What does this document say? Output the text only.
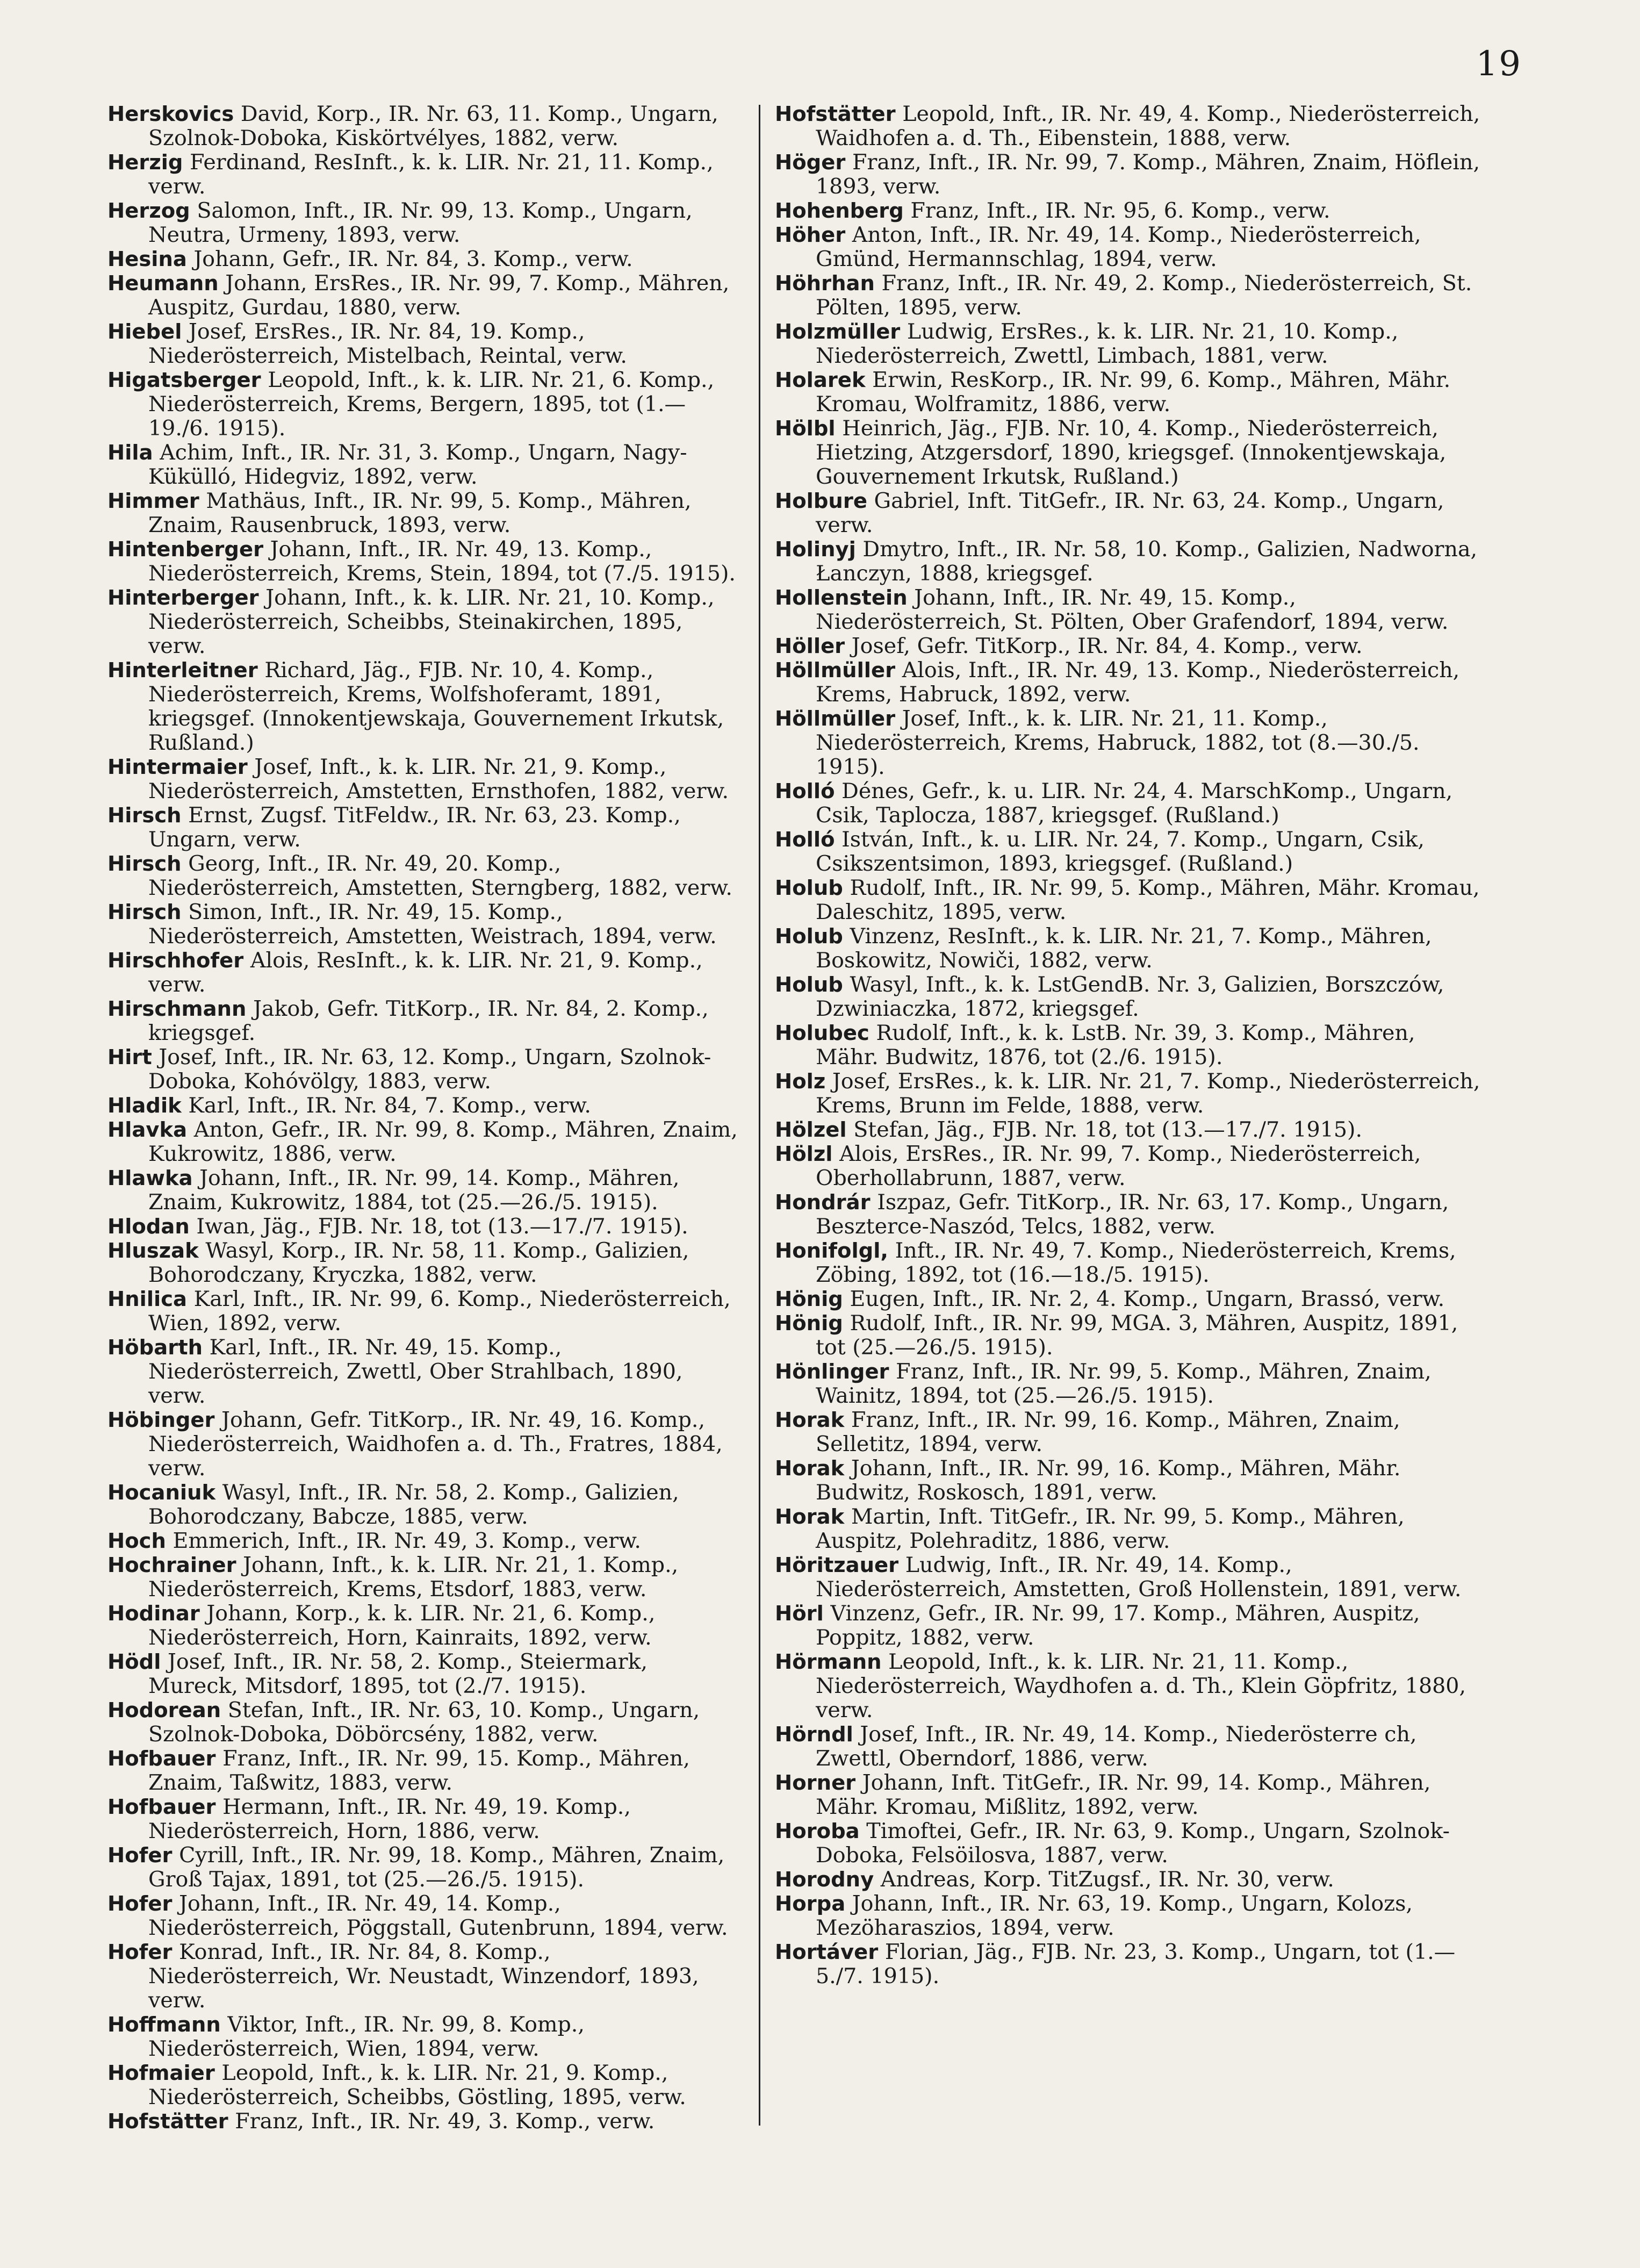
19

Herskovics David, Korp., IR. Nr. 63, 11. Komp., Ungarn, Szolnok-Doboka, Kiskörtvélyes, 1882, verw.

Herzig Ferdinand, ResInft., k. k. LIR. Nr. 21, 11. Komp., verw.

Herzog Salomon, Inft., IR. Nr. 99, 13. Komp., Ungarn, Neutra, Urmeny, 1893, verw.

Hesina Johann, Gefr., IR. Nr. 84, 3. Komp., verw.

Heumann Johann, ErsRes., IR. Nr. 99, 7. Komp., Mähren, Auspitz, Gurdau, 1880, verw.

Hiebel Josef, ErsRes., IR. Nr. 84, 19. Komp., Niederösterreich, Mistelbach, Reintal, verw.

Higatsberger Leopold, Inft., k. k. LIR. Nr. 21, 6. Komp., Niederösterreich, Krems, Bergern, 1895, tot (1.—19./6. 1915).

Hila Achim, Inft., IR. Nr. 31, 3. Komp., Ungarn, Nagy-Kükülló, Hidegviz, 1892, verw.

Himmer Mathäus, Inft., IR. Nr. 99, 5. Komp., Mähren, Znaim, Rausenbruck, 1893, verw.

Hintenberger Johann, Inft., IR. Nr. 49, 13. Komp., Niederösterreich, Krems, Stein, 1894, tot (7./5. 1915).

Hinterberger Johann, Inft., k. k. LIR. Nr. 21, 10. Komp., Niederösterreich, Scheibbs, Steinakirchen, 1895, verw.

Hinterleitner Richard, Jäg., FJB. Nr. 10, 4. Komp., Niederösterreich, Krems, Wolfshoferamt, 1891, kriegsgef. (Innokentjewskaja, Gouvernement Irkutsk, Rußland.)

Hintermaier Josef, Inft., k. k. LIR. Nr. 21, 9. Komp., Niederösterreich, Amstetten, Ernsthofen, 1882, verw.

Hirsch Ernst, Zugsf. TitFeldw., IR. Nr. 63, 23. Komp., Ungarn, verw.

Hirsch Georg, Inft., IR. Nr. 49, 20. Komp., Niederösterreich, Amstetten, Sterngberg, 1882, verw.

Hirsch Simon, Inft., IR. Nr. 49, 15. Komp., Niederösterreich, Amstetten, Weistrach, 1894, verw.

Hirschhofer Alois, ResInft., k. k. LIR. Nr. 21, 9. Komp., verw.

Hirschmann Jakob, Gefr. TitKorp., IR. Nr. 84, 2. Komp., kriegsgef.

Hirt Josef, Inft., IR. Nr. 63, 12. Komp., Ungarn, Szolnok-Doboka, Kohóvölgy, 1883, verw.

Hladik Karl, Inft., IR. Nr. 84, 7. Komp., verw.

Hlavka Anton, Gefr., IR. Nr. 99, 8. Komp., Mähren, Znaim, Kukrowitz, 1886, verw.

Hlawka Johann, Inft., IR. Nr. 99, 14. Komp., Mähren, Znaim, Kukrowitz, 1884, tot (25.—26./5. 1915).

Hlodan Iwan, Jäg., FJB. Nr. 18, tot (13.—17./7. 1915).

Hluszak Wasyl, Korp., IR. Nr. 58, 11. Komp., Galizien, Bohorodczany, Kryczka, 1882, verw.

Hnilica Karl, Inft., IR. Nr. 99, 6. Komp., Niederösterreich, Wien, 1892, verw.

Höbarth Karl, Inft., IR. Nr. 49, 15. Komp., Niederösterreich, Zwettl, Ober Strahlbach, 1890, verw.

Höbinger Johann, Gefr. TitKorp., IR. Nr. 49, 16. Komp., Niederösterreich, Waidhofen a. d. Th., Fratres, 1884, verw.

Hocaniuk Wasyl, Inft., IR. Nr. 58, 2. Komp., Galizien, Bohorodczany, Babcze, 1885, verw.

Hoch Emmerich, Inft., IR. Nr. 49, 3. Komp., verw.

Hochrainer Johann, Inft., k. k. LIR. Nr. 21, 1. Komp., Niederösterreich, Krems, Etsdorf, 1883, verw.

Hodinar Johann, Korp., k. k. LIR. Nr. 21, 6. Komp., Niederösterreich, Horn, Kainraits, 1892, verw.

Hödl Josef, Inft., IR. Nr. 58, 2. Komp., Steiermark, Mureck, Mitsdorf, 1895, tot (2./7. 1915).

Hodorean Stefan, Inft., IR. Nr. 63, 10. Komp., Ungarn, Szolnok-Doboka, Döbörcsény, 1882, verw.

Hofbauer Franz, Inft., IR. Nr. 99, 15. Komp., Mähren, Znaim, Taßwitz, 1883, verw.

Hofbauer Hermann, Inft., IR. Nr. 49, 19. Komp., Niederösterreich, Horn, 1886, verw.

Hofer Cyrill, Inft., IR. Nr. 99, 18. Komp., Mähren, Znaim, Groß Tajax, 1891, tot (25.—26./5. 1915).

Hofer Johann, Inft., IR. Nr. 49, 14. Komp., Niederösterreich, Pöggstall, Gutenbrunn, 1894, verw.

Hofer Konrad, Inft., IR. Nr. 84, 8. Komp., Niederösterreich, Wr. Neustadt, Winzendorf, 1893, verw.

Hoffmann Viktor, Inft., IR. Nr. 99, 8. Komp., Niederösterreich, Wien, 1894, verw.

Hofmaier Leopold, Inft., k. k. LIR. Nr. 21, 9. Komp., Niederösterreich, Scheibbs, Göstling, 1895, verw.

Hofstätter Franz, Inft., IR. Nr. 49, 3. Komp., verw.

Hofstätter Leopold, Inft., IR. Nr. 49, 4. Komp., Niederösterreich, Waidhofen a. d. Th., Eibenstein, 1888, verw.

Höger Franz, Inft., IR. Nr. 99, 7. Komp., Mähren, Znaim, Höflein, 1893, verw.

Hohenberg Franz, Inft., IR. Nr. 95, 6. Komp., verw.

Höher Anton, Inft., IR. Nr. 49, 14. Komp., Niederösterreich, Gmünd, Hermannschlag, 1894, verw.

Höhrhan Franz, Inft., IR. Nr. 49, 2. Komp., Niederösterreich, St. Pölten, 1895, verw.

Holzmüller Ludwig, ErsRes., k. k. LIR. Nr. 21, 10. Komp., Niederösterreich, Zwettl, Limbach, 1881, verw.

Holarek Erwin, ResKorp., IR. Nr. 99, 6. Komp., Mähren, Mähr. Kromau, Wolframitz, 1886, verw.

Hölbl Heinrich, Jäg., FJB. Nr. 10, 4. Komp., Niederösterreich, Hietzing, Atzgersdorf, 1890, kriegsgef. (Innokentjewskaja, Gouvernement Irkutsk, Rußland.)

Holbure Gabriel, Inft. TitGefr., IR. Nr. 63, 24. Komp., Ungarn, verw.

Holinyj Dmytro, Inft., IR. Nr. 58, 10. Komp., Galizien, Nadworna, Łanczyn, 1888, kriegsgef.

Hollenstein Johann, Inft., IR. Nr. 49, 15. Komp., Niederösterreich, St. Pölten, Ober Grafendorf, 1894, verw.

Höller Josef, Gefr. TitKorp., IR. Nr. 84, 4. Komp., verw.

Höllmüller Alois, Inft., IR. Nr. 49, 13. Komp., Niederösterreich, Krems, Habruck, 1892, verw.

Höllmüller Josef, Inft., k. k. LIR. Nr. 21, 11. Komp., Niederösterreich, Krems, Habruck, 1882, tot (8.—30./5. 1915).

Holló Dénes, Gefr., k. u. LIR. Nr. 24, 4. MarschKomp., Ungarn, Csik, Taplocza, 1887, kriegsgef. (Rußland.)

Holló István, Inft., k. u. LIR. Nr. 24, 7. Komp., Ungarn, Csik, Csikszentsimon, 1893, kriegsgef. (Rußland.)

Holub Rudolf, Inft., IR. Nr. 99, 5. Komp., Mähren, Mähr. Kromau, Daleschitz, 1895, verw.

Holub Vinzenz, ResInft., k. k. LIR. Nr. 21, 7. Komp., Mähren, Boskowitz, Nowiči, 1882, verw.

Holub Wasyl, Inft., k. k. LstGendB. Nr. 3, Galizien, Borszczów, Dzwiniaczka, 1872, kriegsgef.

Holubec Rudolf, Inft., k. k. LstB. Nr. 39, 3. Komp., Mähren, Mähr. Budwitz, 1876, tot (2./6. 1915).

Holz Josef, ErsRes., k. k. LIR. Nr. 21, 7. Komp., Niederösterreich, Krems, Brunn im Felde, 1888, verw.

Hölzel Stefan, Jäg., FJB. Nr. 18, tot (13.—17./7. 1915).

Hölzl Alois, ErsRes., IR. Nr. 99, 7. Komp., Niederösterreich, Oberhollabrunn, 1887, verw.

Hondrár Iszpaz, Gefr. TitKorp., IR. Nr. 63, 17. Komp., Ungarn, Beszterce-Naszód, Telcs, 1882, verw.

Honifolgl, Inft., IR. Nr. 49, 7. Komp., Niederösterreich, Krems, Zöbing, 1892, tot (16.—18./5. 1915).

Hönig Eugen, Inft., IR. Nr. 2, 4. Komp., Ungarn, Brassó, verw.

Hönig Rudolf, Inft., IR. Nr. 99, MGA. 3, Mähren, Auspitz, 1891, tot (25.—26./5. 1915).

Hönlinger Franz, Inft., IR. Nr. 99, 5. Komp., Mähren, Znaim, Wainitz, 1894, tot (25.—26./5. 1915).

Horak Franz, Inft., IR. Nr. 99, 16. Komp., Mähren, Znaim, Selletitz, 1894, verw.

Horak Johann, Inft., IR. Nr. 99, 16. Komp., Mähren, Mähr. Budwitz, Roskosch, 1891, verw.

Horak Martin, Inft. TitGefr., IR. Nr. 99, 5. Komp., Mähren, Auspitz, Polehraditz, 1886, verw.

Höritzauer Ludwig, Inft., IR. Nr. 49, 14. Komp., Niederösterreich, Amstetten, Groß Hollenstein, 1891, verw.

Hörl Vinzenz, Gefr., IR. Nr. 99, 17. Komp., Mähren, Auspitz, Poppitz, 1882, verw.

Hörmann Leopold, Inft., k. k. LIR. Nr. 21, 11. Komp., Niederösterreich, Waydhofen a. d. Th., Klein Göpfritz, 1880, verw.

Hörndl Josef, Inft., IR. Nr. 49, 14. Komp., Niederösterre ch, Zwettl, Oberndorf, 1886, verw.

Horner Johann, Inft. TitGefr., IR. Nr. 99, 14. Komp., Mähren, Mähr. Kromau, Mißlitz, 1892, verw.

Horoba Timoftei, Gefr., IR. Nr. 63, 9. Komp., Ungarn, Szolnok-Doboka, Felsöilosva, 1887, verw.

Horodny Andreas, Korp. TitZugsf., IR. Nr. 30, verw.

Horpa Johann, Inft., IR. Nr. 63, 19. Komp., Ungarn, Kolozs, Mezöharaszios, 1894, verw.

Hortáver Florian, Jäg., FJB. Nr. 23, 3. Komp., Ungarn, tot (1.—5./7. 1915).
